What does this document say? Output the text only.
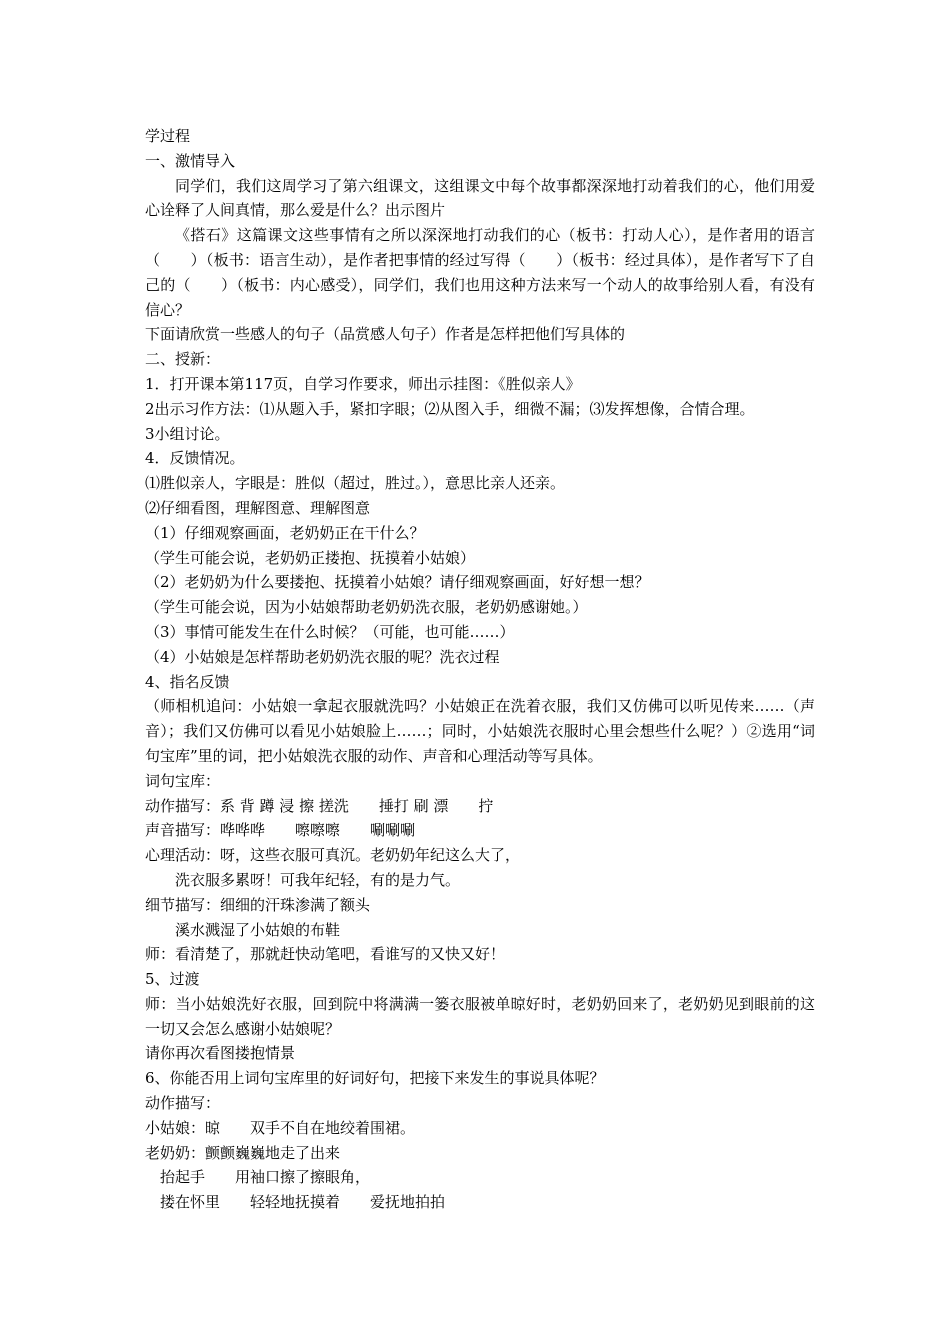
学过程

一、激情导入

同学们，我们这周学习了第六组课文，这组课文中每个故事都深深地打动着我们的心，他们用爱心诠释了人间真情，那么爱是什么？出示图片

《搭石》这篇课文这些事情有之所以深深地打动我们的心（板书：打动人心），是作者用的语言（　　）（板书：语言生动），是作者把事情的经过写得（　　）（板书：经过具体），是作者写下了自己的（　　）（板书：内心感受），同学们，我们也用这种方法来写一个动人的故事给别人看，有没有信心？

下面请欣赏一些感人的句子（品赏感人句子）作者是怎样把他们写具体的

二、授新：

1．打开课本第117页，自学习作要求，师出示挂图：《胜似亲人》

2出示习作方法：⑴从题入手，紧扣字眼；⑵从图入手，细微不漏；⑶发挥想像，合情合理。

3小组讨论。

4．反馈情况。

⑴胜似亲人，字眼是：胜似（超过，胜过。），意思比亲人还亲。

⑵仔细看图，理解图意、理解图意

（1）仔细观察画面，老奶奶正在干什么？

（学生可能会说，老奶奶正搂抱、抚摸着小姑娘）

（2）老奶奶为什么要搂抱、抚摸着小姑娘？请仔细观察画面，好好想一想？

（学生可能会说，因为小姑娘帮助老奶奶洗衣服，老奶奶感谢她。）

（3）事情可能发生在什么时候？（可能，也可能……）

（4）小姑娘是怎样帮助老奶奶洗衣服的呢？洗衣过程

4、指名反馈

（师相机追问：小姑娘一拿起衣服就洗吗？小姑娘正在洗着衣服，我们又仿佛可以听见传来……（声音）；我们又仿佛可以看见小姑娘脸上……；同时，小姑娘洗衣服时心里会想些什么呢？）②选用“词句宝库”里的词，把小姑娘洗衣服的动作、声音和心理活动等写具体。

词句宝库：

动作描写：系 背 蹲 浸 擦 搓洗　　捶打 刷 漂　　拧

声音描写：哗哗哗　　嚓嚓嚓　　唰唰唰

心理活动：呀，这些衣服可真沉。老奶奶年纪这么大了，

　　洗衣服多累呀！可我年纪轻，有的是力气。

细节描写：细细的汗珠渗满了额头

　　溪水溅湿了小姑娘的布鞋

师：看清楚了，那就赶快动笔吧，看谁写的又快又好！

5、过渡

师：当小姑娘洗好衣服，回到院中将满满一篓衣服被单晾好时，老奶奶回来了，老奶奶见到眼前的这一切又会怎么感谢小姑娘呢？

请你再次看图搂抱情景

6、你能否用上词句宝库里的好词好句，把接下来发生的事说具体呢？

动作描写：

小姑娘：晾　　双手不自在地绞着围裙。

老奶奶：颤颤巍巍地走了出来

　抬起手　　用袖口擦了擦眼角，

　搂在怀里　　轻轻地抚摸着　　爱抚地拍拍
